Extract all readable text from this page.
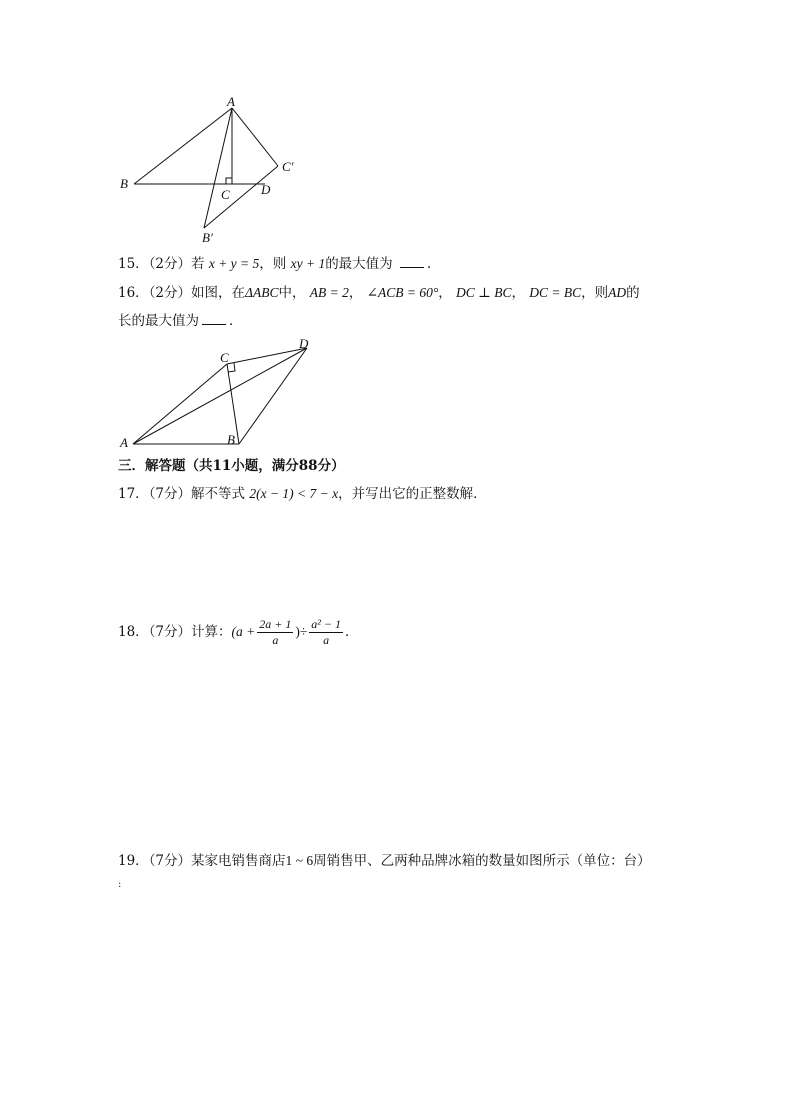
A
B
C D
C′
B′
15．（2分）若 x + y = 5，则 xy + 1的最大值为	．
16．（2分）如图，在ΔABC中， AB = 2， ∠ACB = 60°， DC ⊥ BC， DC = BC，则AD的
长的最大值为 ．
A	B
C
D
三．解答题（共11小题，满分88分）
17．（7分）解不等式 2(x − 1) < 7 − x，并写出它的正整数解．
18．（7分）计算：($a + \frac{2a + 1}{a}$ )÷ $\frac{\text{a² − 1}}{a}$ ．
19．（7分）某家电销售商店1 ~ 6周销售甲、乙两种品牌冰箱的数量如图所示（单位：台）
:
